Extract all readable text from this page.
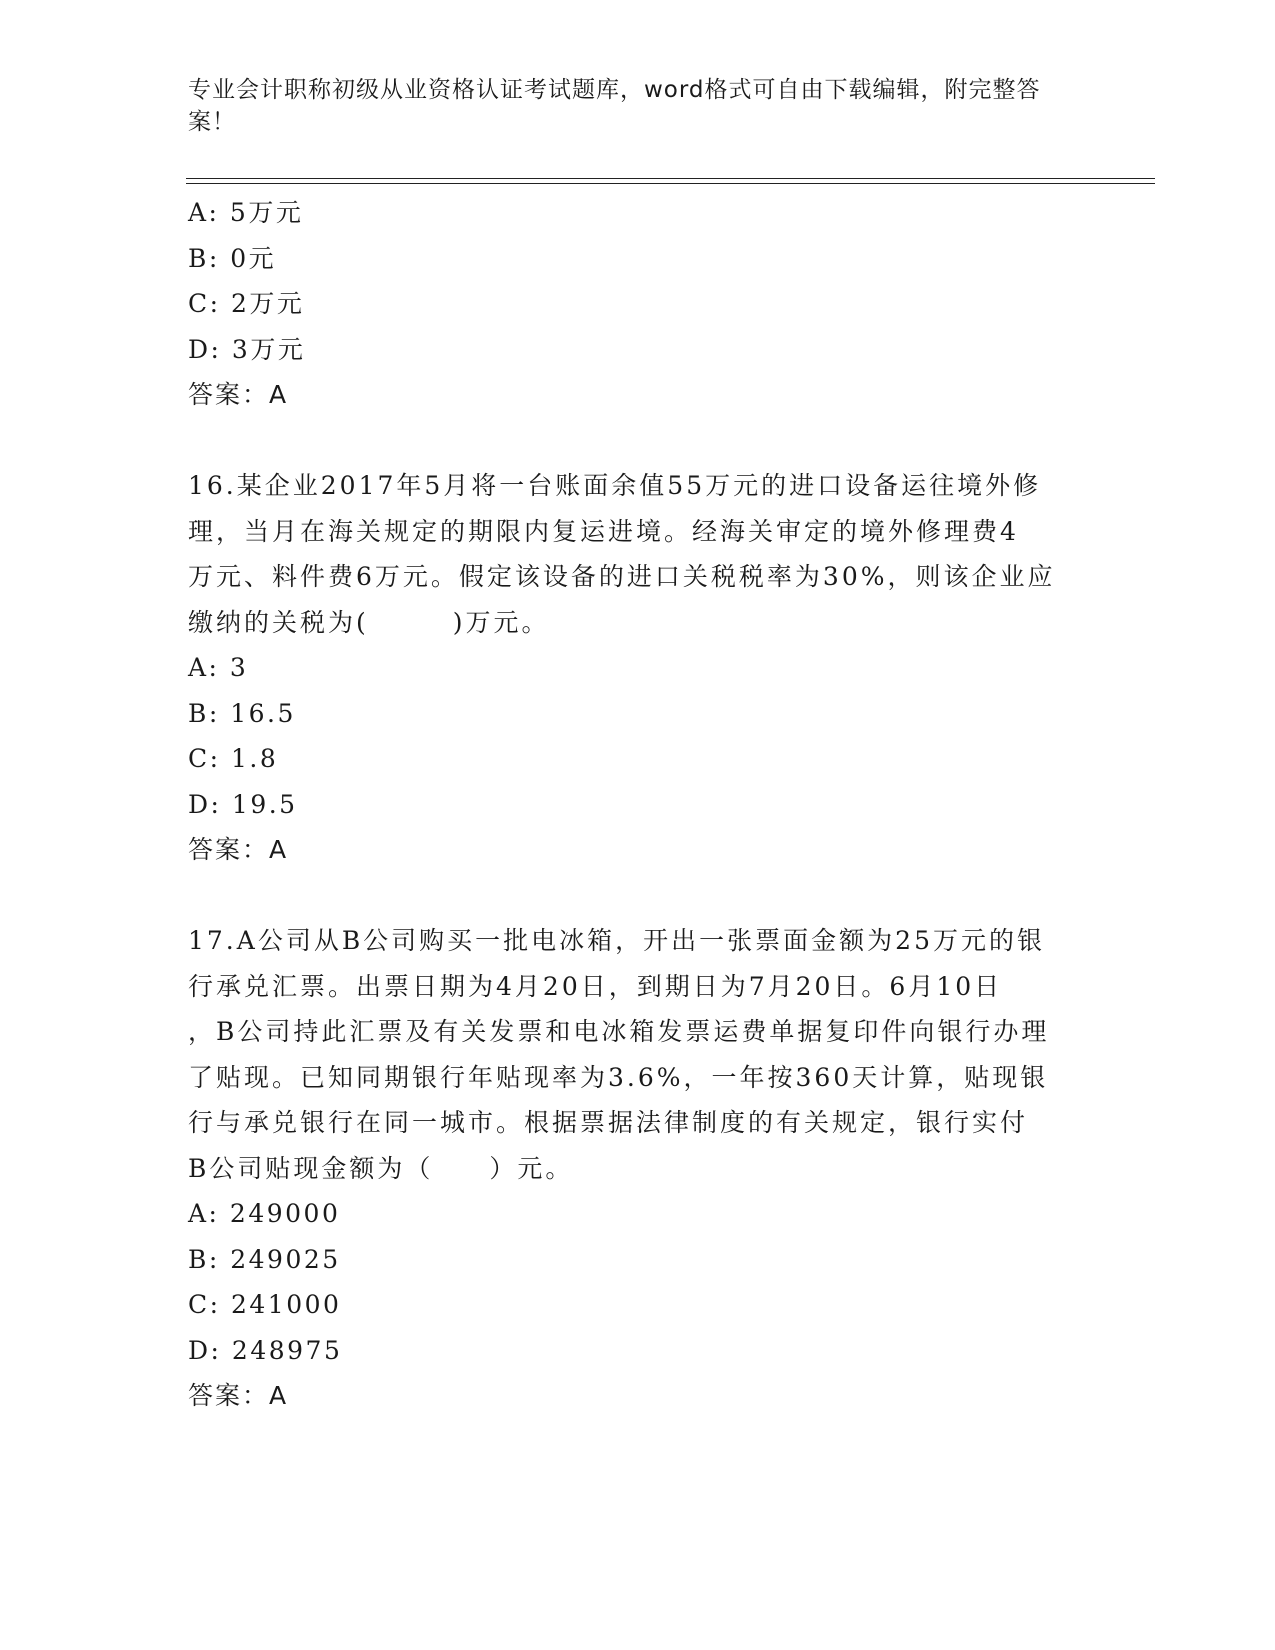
专业会计职称初级从业资格认证考试题库，word格式可自由下载编辑，附完整答案！
A: 5万元
B: 0元
C: 2万元
D: 3万元
答案：A
16.某企业2017年5月将一台账面余值55万元的进口设备运往境外修
理，当月在海关规定的期限内复运进境。经海关审定的境外修理费4
万元、料件费6万元。假定该设备的进口关税税率为30%，则该企业应
缴纳的关税为(　　　)万元。
A: 3
B: 16.5
C: 1.8
D: 19.5
答案：A
17.A公司从B公司购买一批电冰箱，开出一张票面金额为25万元的银
行承兑汇票。出票日期为4月20日，到期日为7月20日。6月10日
，B公司持此汇票及有关发票和电冰箱发票运费单据复印件向银行办理
了贴现。已知同期银行年贴现率为3.6%，一年按360天计算，贴现银
行与承兑银行在同一城市。根据票据法律制度的有关规定，银行实付
B公司贴现金额为（　　）元。
A: 249000
B: 249025
C: 241000
D: 248975
答案：A
